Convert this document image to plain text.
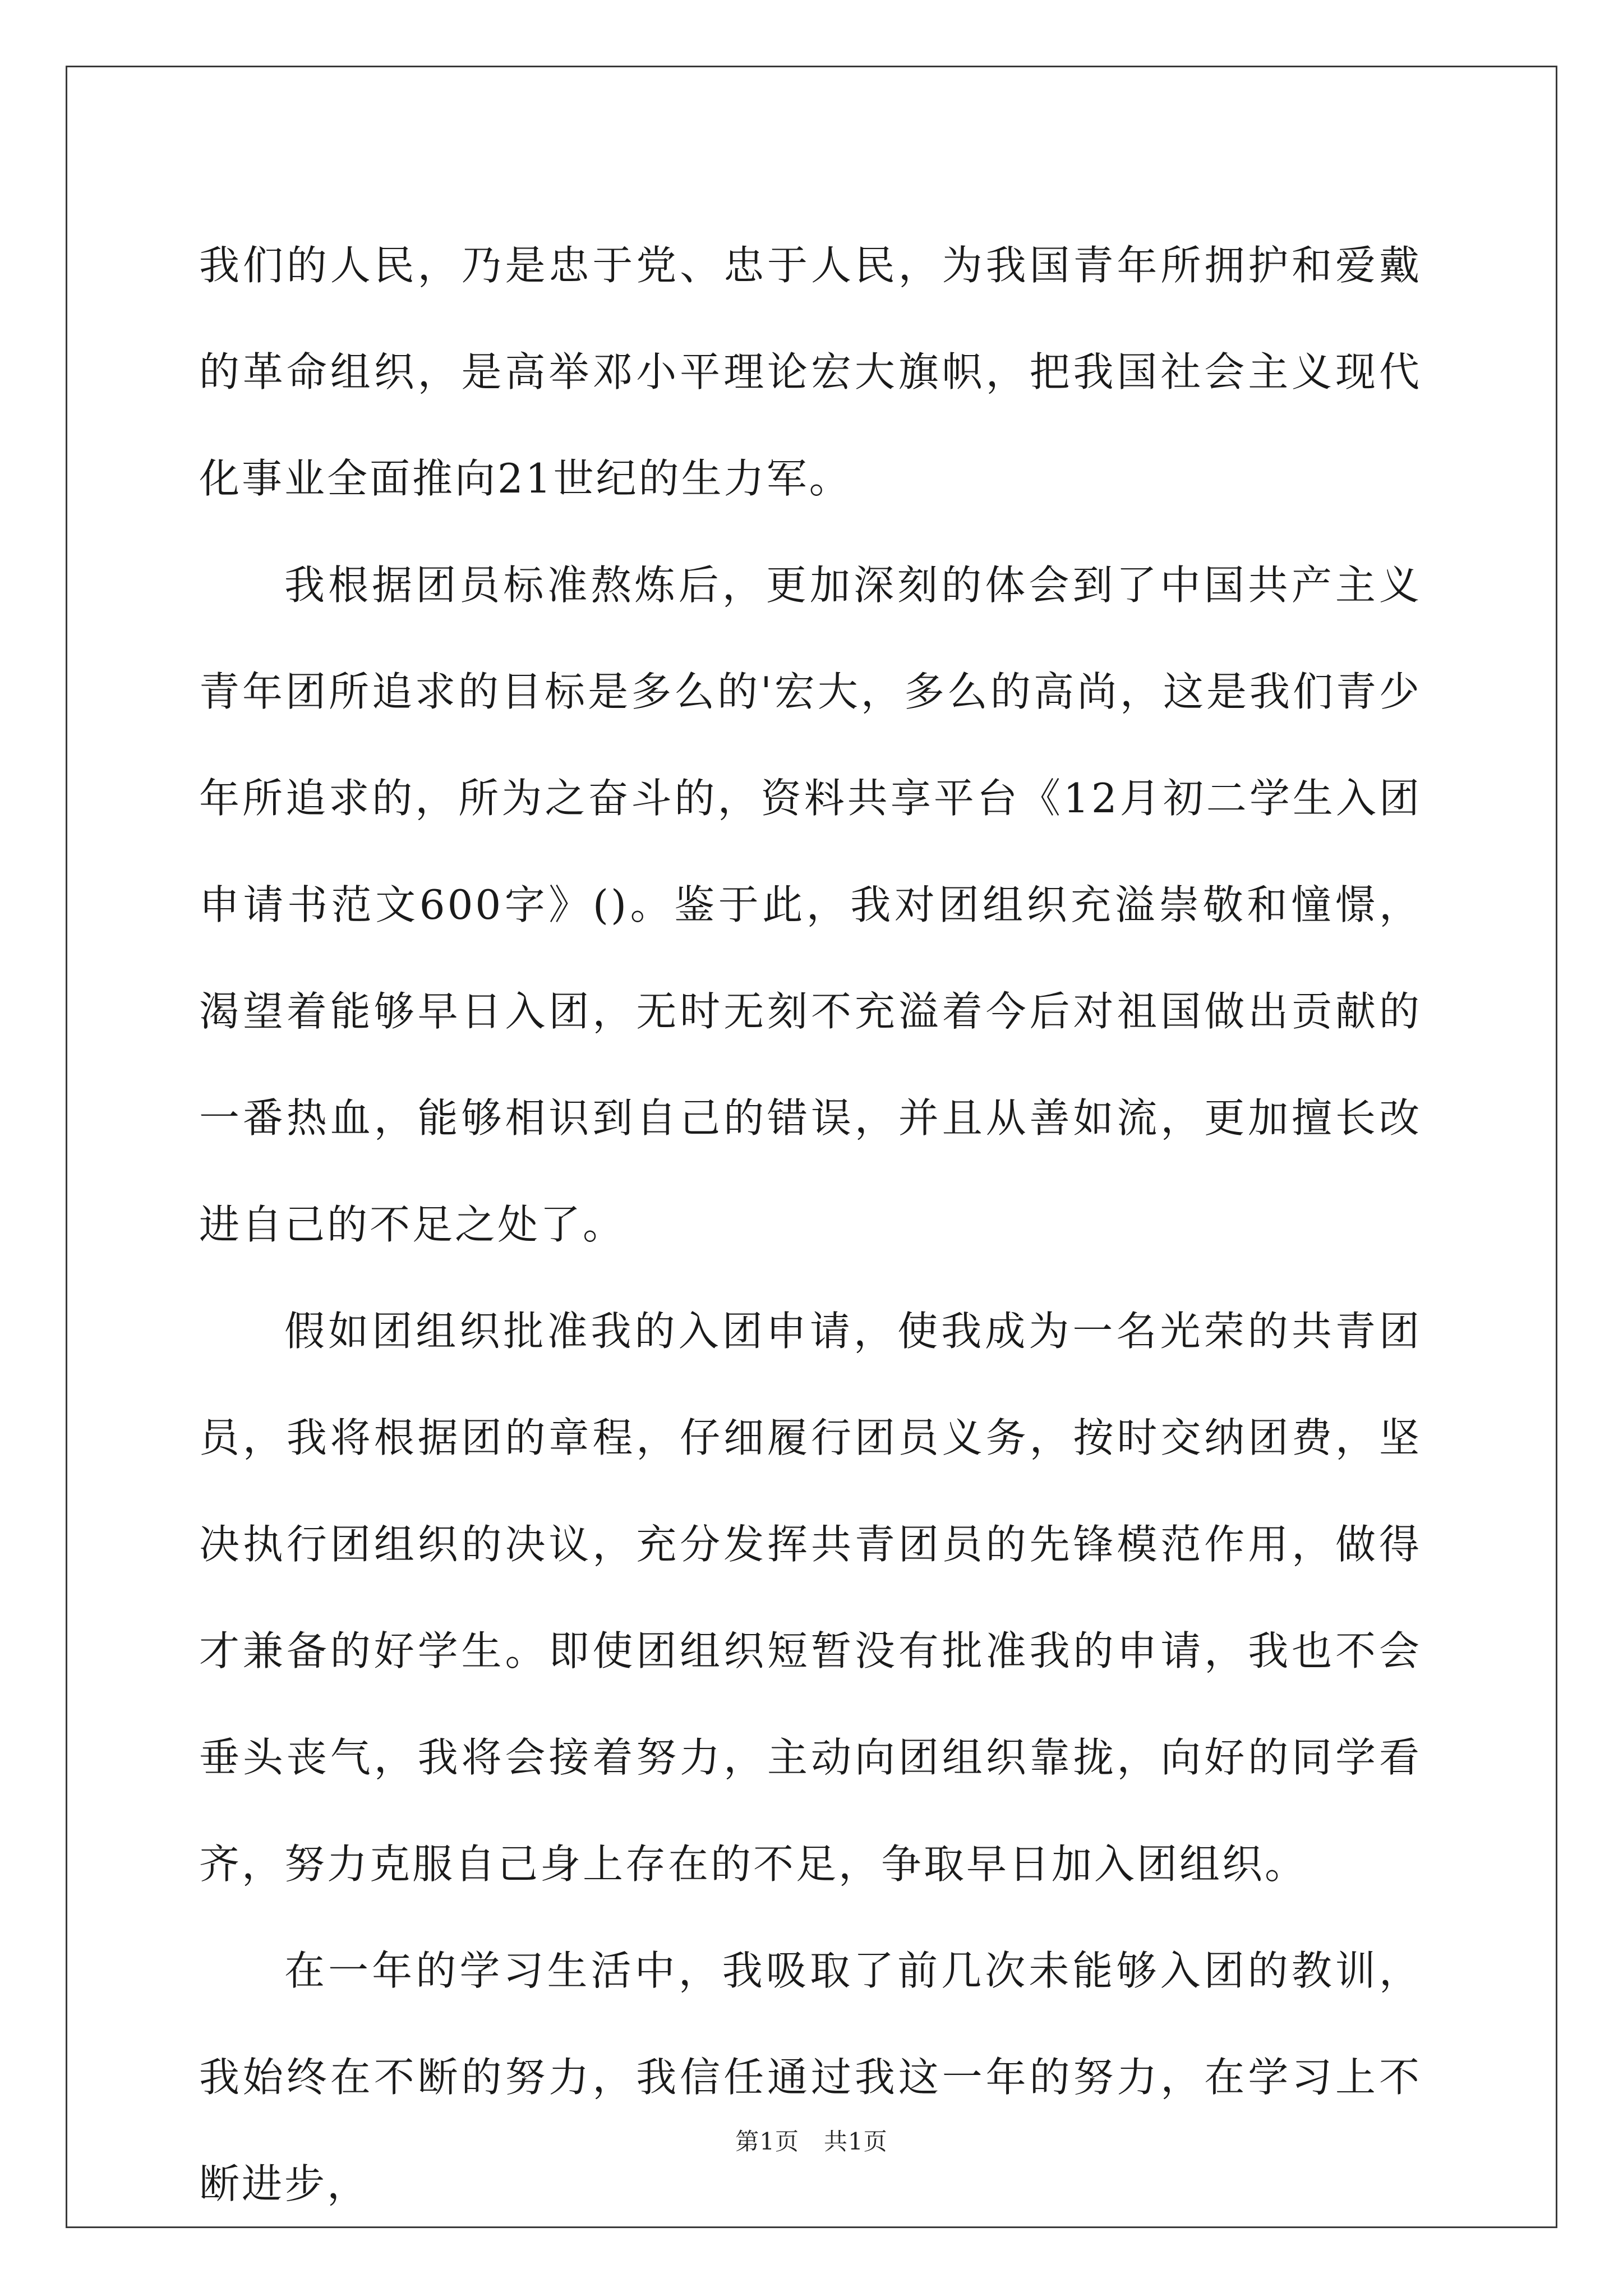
我们的人民，乃是忠于党、忠于人民，为我国青年所拥护和爱戴的革命组织，是高举邓小平理论宏大旗帜，把我国社会主义现代化事业全面推向21世纪的生力军。

我根据团员标准熬炼后，更加深刻的体会到了中国共产主义青年团所追求的目标是多么的'宏大，多么的高尚，这是我们青少年所追求的，所为之奋斗的，资料共享平台《12月初二学生入团申请书范文600字》()。鉴于此，我对团组织充溢崇敬和憧憬，渴望着能够早日入团，无时无刻不充溢着今后对祖国做出贡献的一番热血，能够相识到自己的错误，并且从善如流，更加擅长改进自己的不足之处了。

假如团组织批准我的入团申请，使我成为一名光荣的共青团员，我将根据团的章程，仔细履行团员义务，按时交纳团费，坚决执行团组织的决议，充分发挥共青团员的先锋模范作用，做得才兼备的好学生。即使团组织短暂没有批准我的申请，我也不会垂头丧气，我将会接着努力，主动向团组织靠拢，向好的同学看齐，努力克服自己身上存在的不足，争取早日加入团组织。

在一年的学习生活中，我吸取了前几次未能够入团的教训，我始终在不断的努力，我信任通过我这一年的努力，在学习上不断进步，

第1页 共1页
